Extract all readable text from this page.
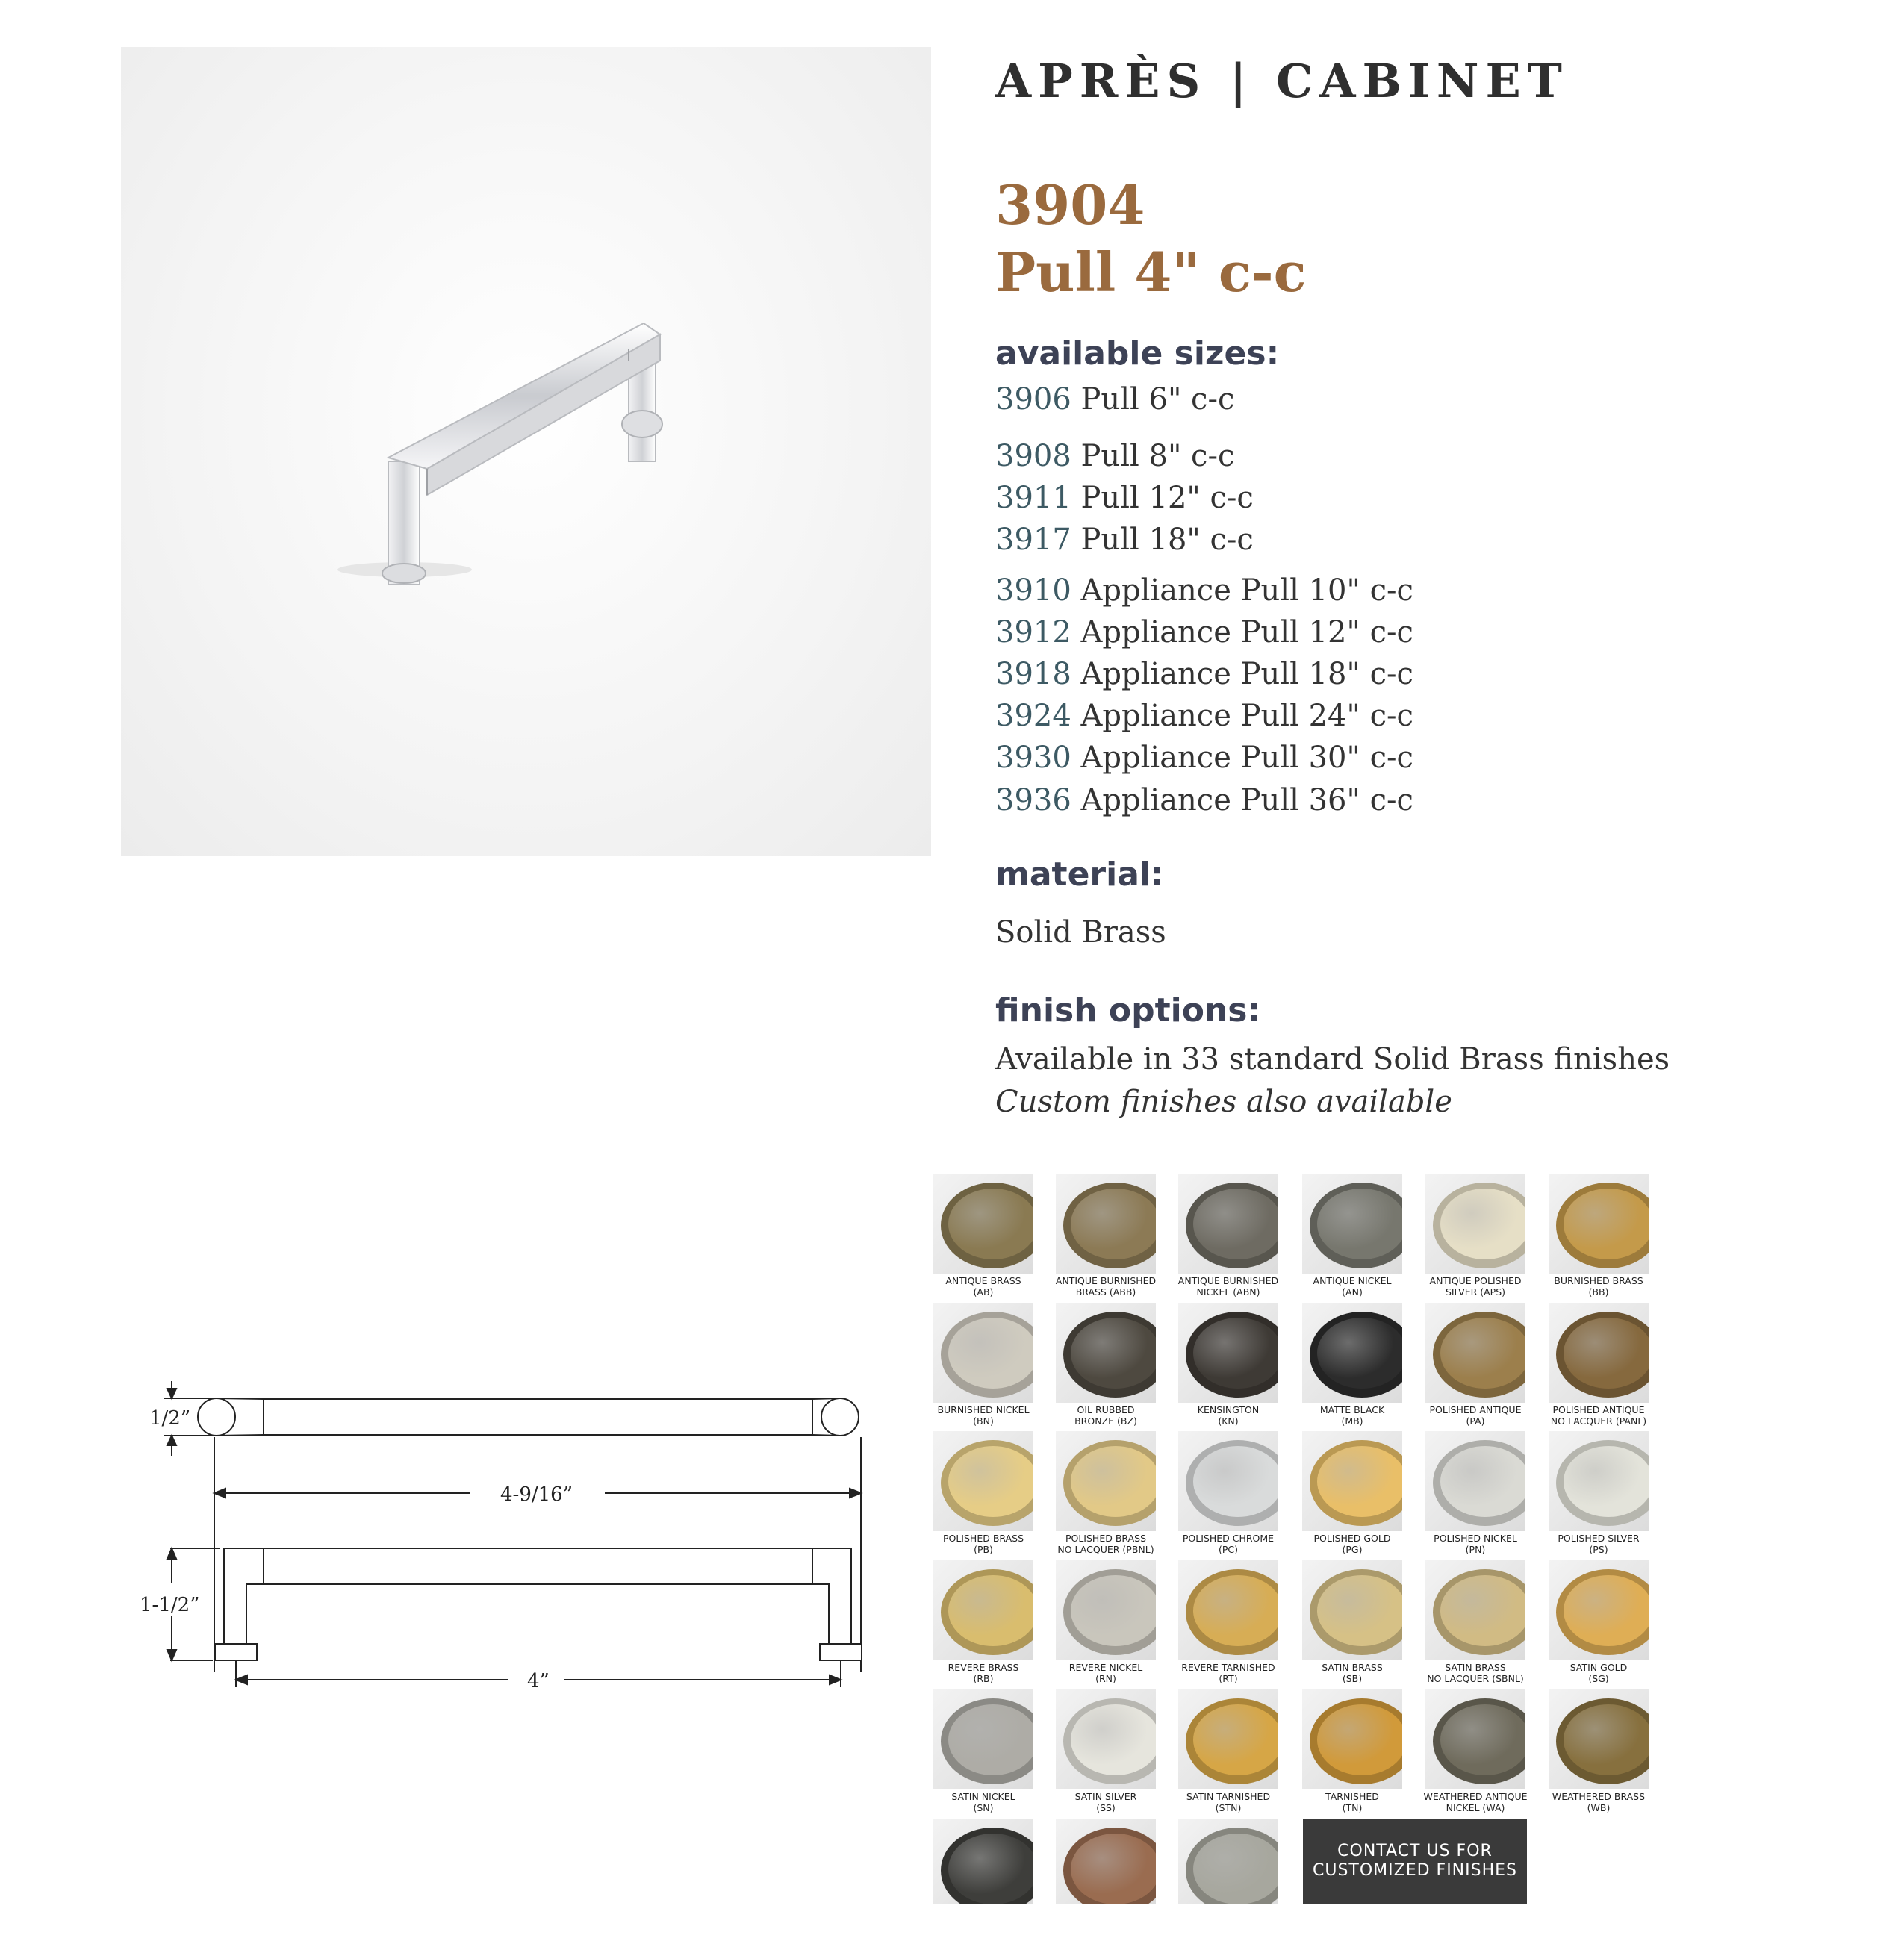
APRÈS | CABINET
3904
Pull 4" c-c
available sizes:
3906 Pull 6" c-c
3908 Pull 8" c-c
3911 Pull 12" c-c
3917 Pull 18" c-c
3910 Appliance Pull 10" c-c
3912 Appliance Pull 12" c-c
3918 Appliance Pull 18" c-c
3924 Appliance Pull 24" c-c
3930 Appliance Pull 30" c-c
3936 Appliance Pull 36" c-c
material:
Solid Brass
finish options:
Available in 33 standard Solid Brass finishes
Custom finishes also available
1/2”
4-9/16”
1-1/2”
4”
ANTIQUE BRASS
(AB)
ANTIQUE BURNISHED
BRASS (ABB)
ANTIQUE BURNISHED
NICKEL (ABN)
ANTIQUE NICKEL
(AN)
ANTIQUE POLISHED
SILVER (APS)
BURNISHED BRASS
(BB)
BURNISHED NICKEL
(BN)
OIL RUBBED
BRONZE (BZ)
KENSINGTON
(KN)
MATTE BLACK
(MB)
POLISHED ANTIQUE
(PA)
POLISHED ANTIQUE
NO LACQUER (PANL)
POLISHED BRASS
(PB)
POLISHED BRASS
NO LACQUER (PBNL)
POLISHED CHROME
(PC)
POLISHED GOLD
(PG)
POLISHED NICKEL
(PN)
POLISHED SILVER
(PS)
REVERE BRASS
(RB)
REVERE NICKEL
(RN)
REVERE TARNISHED
(RT)
SATIN BRASS
(SB)
SATIN BRASS
NO LACQUER (SBNL)
SATIN GOLD
(SG)
SATIN NICKEL
(SN)
SATIN SILVER
(SS)
SATIN TARNISHED
(STN)
TARNISHED
(TN)
WEATHERED ANTIQUE
NICKEL (WA)
WEATHERED BRASS
(WB)
CONTACT US FOR
CUSTOMIZED FINISHES
